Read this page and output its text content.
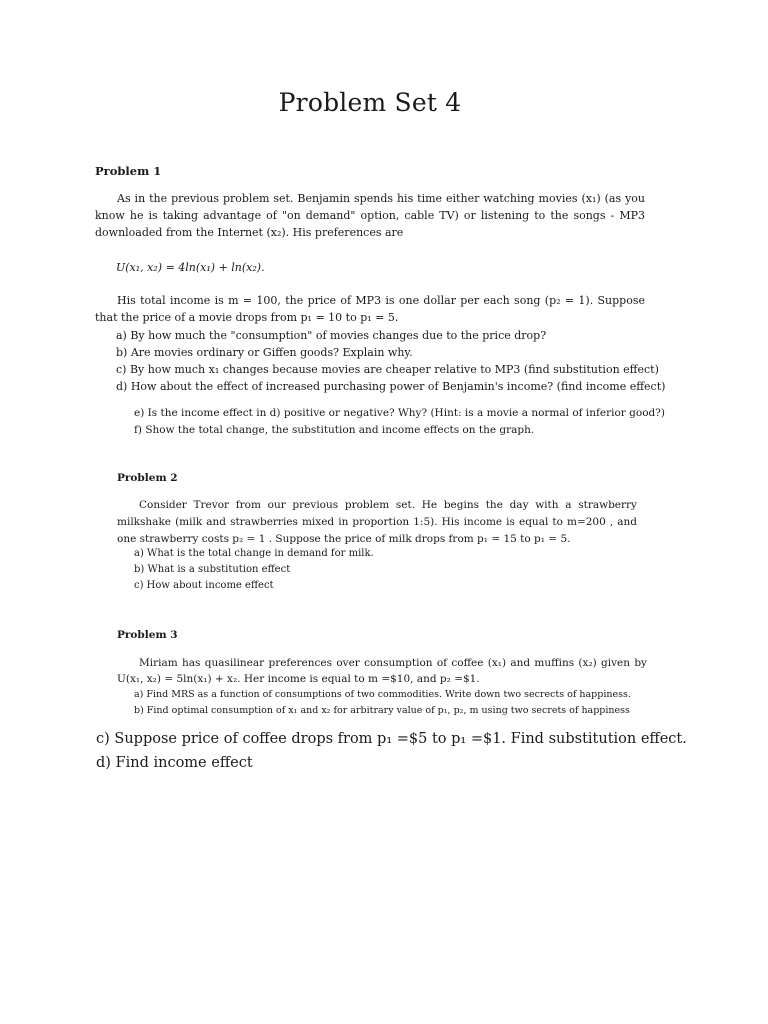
Problem Set 4
Problem 1
As in the previous problem set. Benjamin spends his time either watching movies (x₁) (as you know he is taking advantage of "on demand" option, cable TV) or listening to the songs - MP3 downloaded from the Internet (x₂). His preferences are
U(x₁, x₂) = 4ln(x₁) + ln(x₂).
His total income is m = 100, the price of MP3 is one dollar per each song (p₂ = 1). Suppose that the price of a movie drops from p₁ = 10 to p₁ = 5.
a) By how much the "consumption" of movies changes due to the price drop?
b) Are movies ordinary or Giffen goods? Explain why.
c) By how much x₁ changes because movies are cheaper relative to MP3 (find substitution effect)
d) How about the effect of increased purchasing power of Benjamin's income? (find income effect)
e) Is the income effect in d) positive or negative? Why? (Hint: is a movie a normal of inferior good?)
f) Show the total change, the substitution and income effects on the graph.
Problem 2
Consider Trevor from our previous problem set. He begins the day with a strawberry milkshake (milk and strawberries mixed in proportion 1:5). His income is equal to m=200 , and one strawberry costs p₂ = 1 . Suppose the price of milk drops from p₁ = 15 to p₁ = 5.
a) What is the total change in demand for milk.
b) What is a substitution effect
c) How about income effect
Problem 3
Miriam has quasilinear preferences over consumption of coffee (x₁) and muffins (x₂) given by U(x₁, x₂) = 5ln(x₁) + x₂. Her income is equal to m =$10, and p₂ =$1.
a) Find MRS as a function of consumptions of two commodities. Write down two secrects of happiness.
b) Find optimal consumption of x₁ and x₂ for arbitrary value of p₁, p₂, m using two secrets of happiness
c) Suppose price of coffee drops from p₁ =$5 to p₁ =$1. Find substitution effect.
d) Find income effect
